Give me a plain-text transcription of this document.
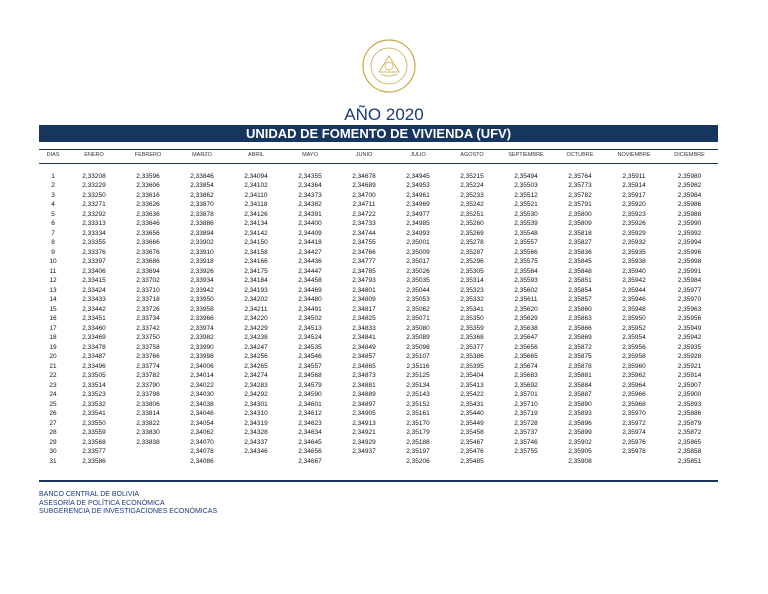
AÑO 2020
UNIDAD DE FOMENTO DE VIVIENDA (UFV)
DIAS	ENERO	FEBRERO	MARZO	ABRIL	MAYO	JUNIO	JULIO	AGOSTO	SEPTIEMBRE	OCTUBRE	NOVIEMBRE	DICIEMBRE

1	2,33208	2,33596	2,33846	2,34094	2,34355	2,34678	2,34945	2,35215	2,35494	2,35764	2,35911	2,35980
2	2,33229	2,33606	2,33854	2,34102	2,34364	2,34689	2,34953	2,35224	2,35503	2,35773	2,35914	2,35982
3	2,33250	2,33616	2,33862	2,34110	2,34373	2,34700	2,34961	2,35233	2,35512	2,35782	2,35917	2,35984
4	2,33271	2,33626	2,33870	2,34118	2,34382	2,34711	2,34969	2,35242	2,35521	2,35791	2,35920	2,35986
5	2,33292	2,33636	2,33878	2,34126	2,34391	2,34722	2,34977	2,35251	2,35530	2,35800	2,35923	2,35988
6	2,33313	2,33646	2,33886	2,34134	2,34400	2,34733	2,34985	2,35260	2,35539	2,35809	2,35926	2,35990
7	2,33334	2,33656	2,33894	2,34142	2,34409	2,34744	2,34993	2,35269	2,35548	2,35818	2,35929	2,35992
8	2,33355	2,33666	2,33902	2,34150	2,34418	2,34755	2,35001	2,35278	2,35557	2,35827	2,35932	2,35994
9	2,33376	2,33676	2,33910	2,34158	2,34427	2,34766	2,35009	2,35287	2,35566	2,35836	2,35935	2,35996
10	2,33397	2,33686	2,33918	2,34166	2,34436	2,34777	2,35017	2,35296	2,35575	2,35845	2,35938	2,35998
11	2,33406	2,33694	2,33926	2,34175	2,34447	2,34785	2,35026	2,35305	2,35584	2,35848	2,35940	2,35991
12	2,33415	2,33702	2,33934	2,34184	2,34458	2,34793	2,35035	2,35314	2,35593	2,35851	2,35942	2,35984
13	2,33424	2,33710	2,33942	2,34193	2,34469	2,34801	2,35044	2,35323	2,35602	2,35854	2,35944	2,35977
14	2,33433	2,33718	2,33950	2,34202	2,34480	2,34809	2,35053	2,35332	2,35611	2,35857	2,35946	2,35970
15	2,33442	2,33726	2,33958	2,34211	2,34491	2,34817	2,35062	2,35341	2,35620	2,35860	2,35948	2,35963
16	2,33451	2,33734	2,33966	2,34220	2,34502	2,34825	2,35071	2,35350	2,35629	2,35863	2,35950	2,35956
17	2,33460	2,33742	2,33974	2,34229	2,34513	2,34833	2,35080	2,35359	2,35638	2,35866	2,35952	2,35949
18	2,33469	2,33750	2,33982	2,34238	2,34524	2,34841	2,35089	2,35368	2,35647	2,35869	2,35954	2,35942
19	2,33478	2,33758	2,33990	2,34247	2,34535	2,34849	2,35098	2,35377	2,35656	2,35872	2,35956	2,35935
20	2,33487	2,33766	2,33998	2,34256	2,34546	2,34857	2,35107	2,35386	2,35665	2,35875	2,35958	2,35928
21	2,33496	2,33774	2,34006	2,34265	2,34557	2,34865	2,35116	2,35395	2,35674	2,35878	2,35960	2,35921
22	2,33505	2,33782	2,34014	2,34274	2,34568	2,34873	2,35125	2,35404	2,35683	2,35881	2,35962	2,35914
23	2,33514	2,33790	2,34022	2,34283	2,34579	2,34881	2,35134	2,35413	2,35692	2,35884	2,35964	2,35907
24	2,33523	2,33798	2,34030	2,34292	2,34590	2,34889	2,35143	2,35422	2,35701	2,35887	2,35966	2,35900
25	2,33532	2,33806	2,34038	2,34301	2,34601	2,34897	2,35152	2,35431	2,35710	2,35890	2,35968	2,35893
26	2,33541	2,33814	2,34046	2,34310	2,34612	2,34905	2,35161	2,35440	2,35719	2,35893	2,35970	2,35886
27	2,33550	2,33822	2,34054	2,34319	2,34623	2,34913	2,35170	2,35449	2,35728	2,35896	2,35972	2,35879
28	2,33559	2,33830	2,34062	2,34328	2,34634	2,34921	2,35179	2,35458	2,35737	2,35899	2,35974	2,35872
29	2,33568	2,33838	2,34070	2,34337	2,34645	2,34929	2,35188	2,35467	2,35746	2,35902	2,35976	2,35865
30	2,33577		2,34078	2,34346	2,34656	2,34937	2,35197	2,35476	2,35755	2,35905	2,35978	2,35858
31	2,33586		2,34086		2,34667		2,35206	2,35485		2,35908		2,35851
BANCO CENTRAL DE BOLIVIA
ASESORÍA DE POLÍTICA ECONÓMICA
SUBGERENCIA DE INVESTIGACIONES ECONÓMICAS
